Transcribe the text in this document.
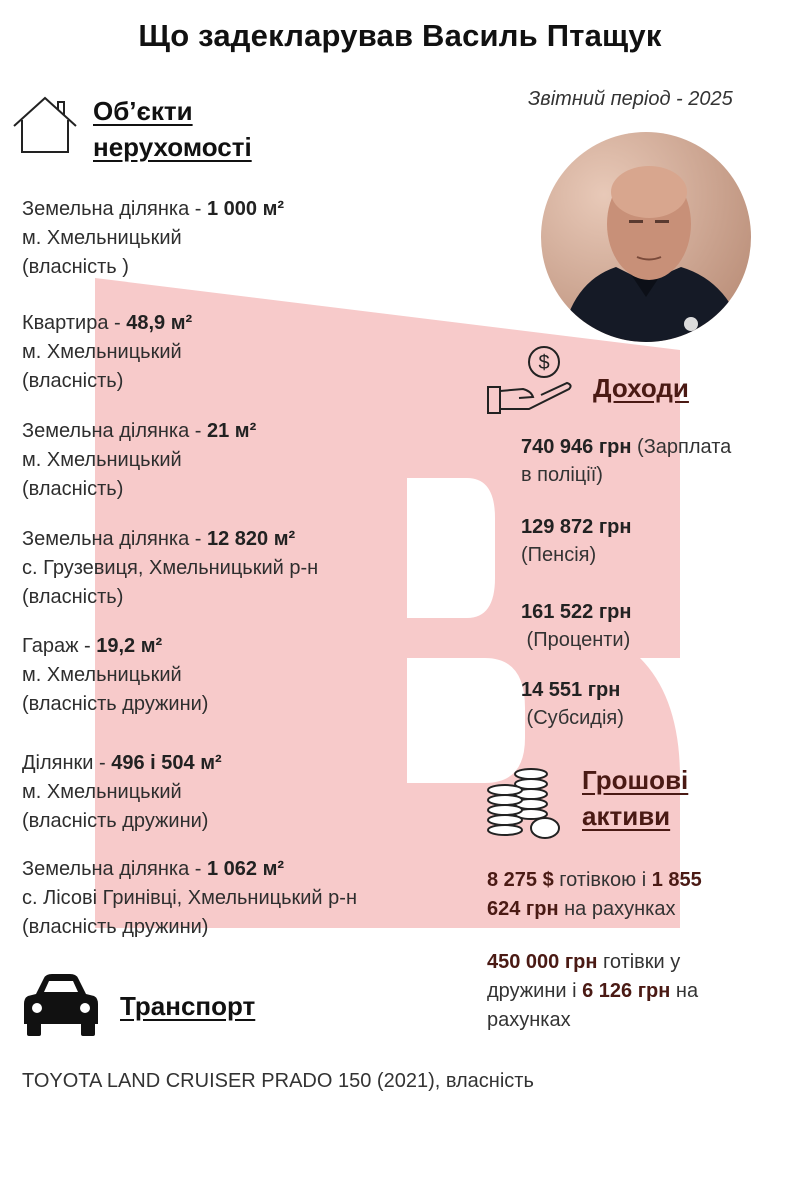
Що задекларував Василь Птащук
Звітний період - 2025
Об’єкти
нерухомості
Земельна ділянка - 1 000 м²
м. Хмельницький
(власність )
Квартира - 48,9 м²
м. Хмельницький
(власність)
Земельна ділянка - 21 м²
м. Хмельницький
(власність)
Земельна ділянка - 12 820 м²
с. Грузевиця, Хмельницький р-н
(власність)
Гараж - 19,2 м²
м. Хмельницький
(власність дружини)
Ділянки - 496 і 504 м²
м. Хмельницький
(власність дружини)
Земельна ділянка - 1 062 м²
с. Лісові Гринівці, Хмельницький р-н
(власність дружини)
$
Доходи
740 946 грн (Зарплата
в поліції)
129 872 грн
(Пенсія)
161 522 грн
(Проценти)
14 551 грн
(Субсидія)
Грошові
активи
8 275 $ готівкою і 1 855
624 грн на рахунках
450 000 грн готівки у
дружини і 6 126 грн на
рахунках
Транспорт
TOYOTA LAND CRUISER PRADO 150 (2021), власність
